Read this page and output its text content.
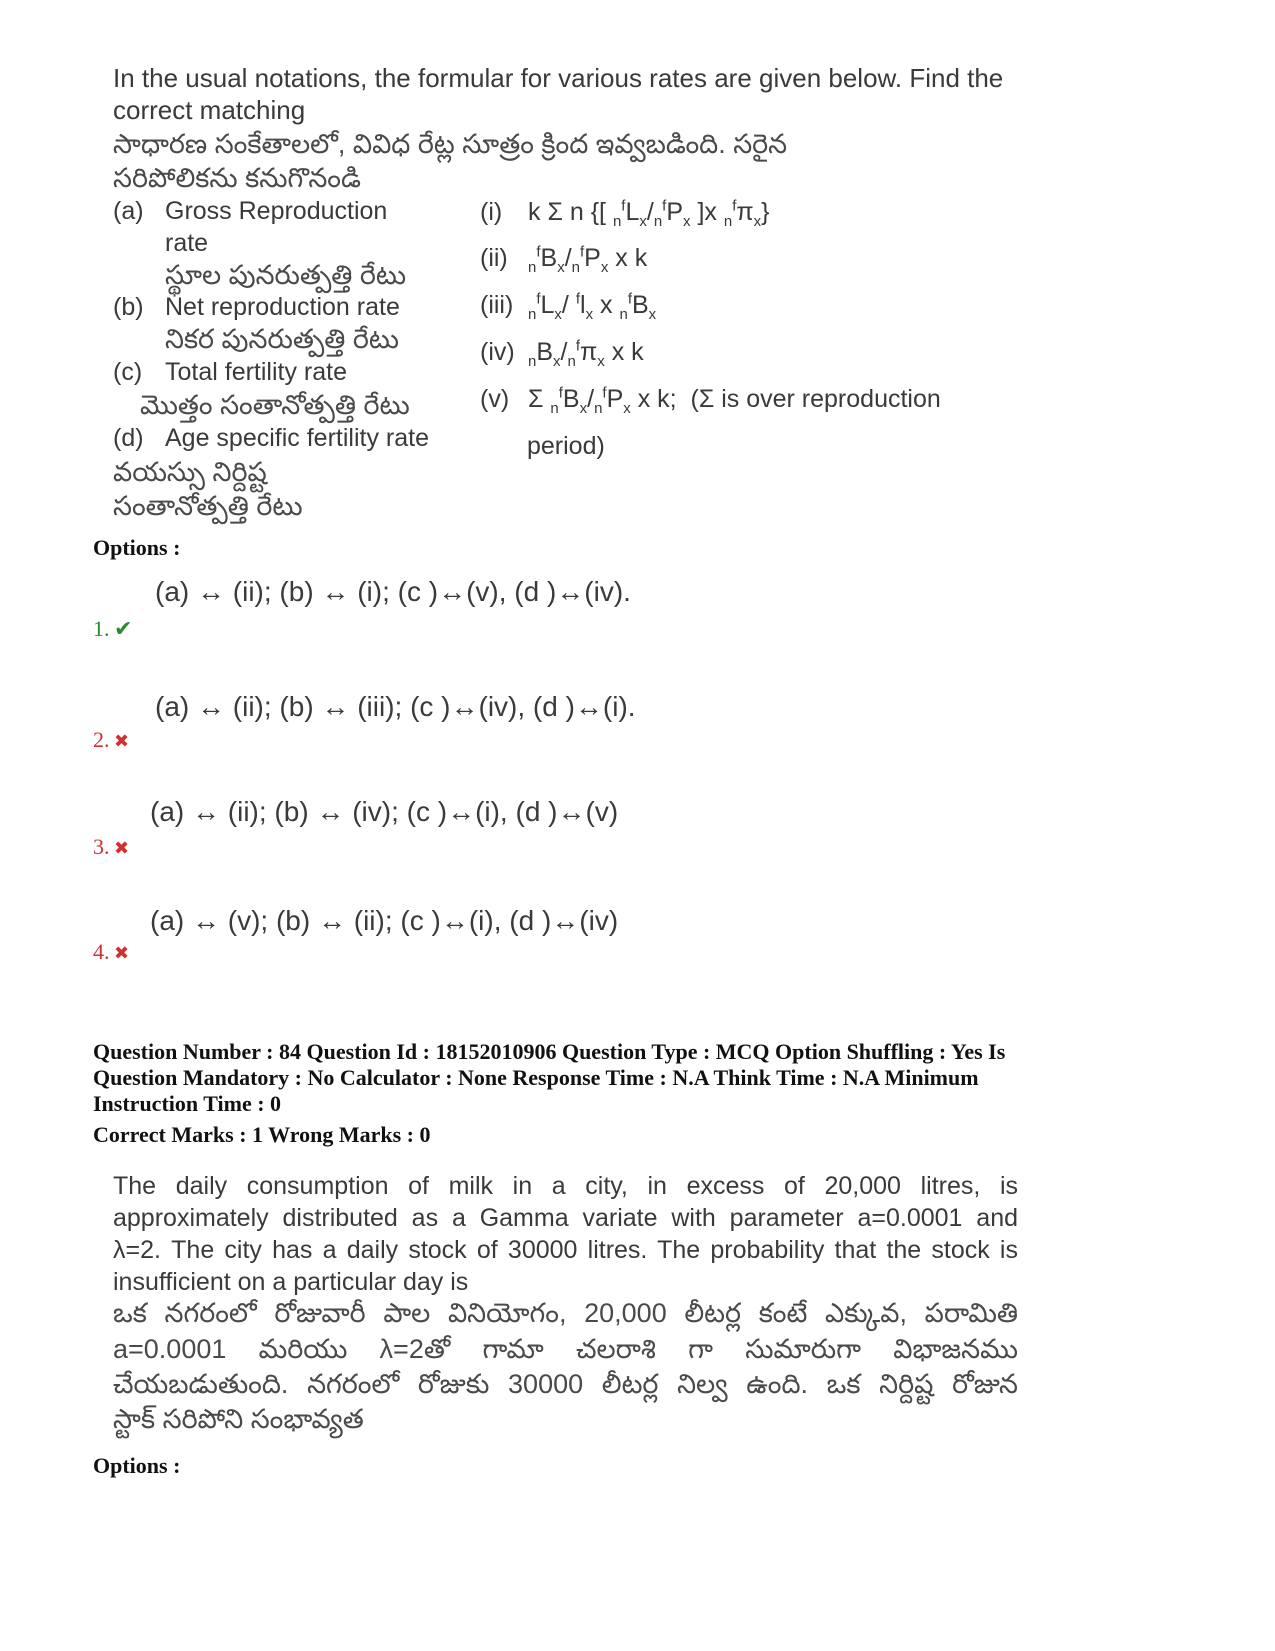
In the usual notations, the formular for various rates are given below. Find the
correct matching
సాధారణ సంకేతాలలో, వివిధ రేట్ల సూత్రం క్రింద ఇవ్వబడింది. సరైన
సరిపోలికను కనుగొనండి
(a) Gross Reproduction
rate
స్థూల పునరుత్పత్తి రేటు
(b) Net reproduction rate
నికర పునరుత్పత్తి రేటు
(c) Total fertility rate
మొత్తం సంతానోత్పత్తి రేటు
(d) Age specific fertility rate
వయస్సు నిర్దిష్ట
సంతానోత్పత్తి రేటు
(i) k Σ n {[ $_n^fL_x/_n^fP_x$ ]x $_n^f\pi_x$}
(ii) $_n^fB_x/_n^fP_x$ x k
(iii) $_n^fL_x/$ $^fl_x$ x $_n^fB_x$
(iv) $_nB_x/_n^f\pi_x$ x k
(v) Σ $_n^fB_x/_n^fP_x$ x k;  (Σ is over reproduction
period)
Options :
(a) ↔ (ii); (b) ↔ (i); (c )↔(v), (d )↔(iv).
1. ✔
(a) ↔ (ii); (b) ↔ (iii); (c )↔(iv), (d )↔(i).
2. ✖
(a) ↔ (ii); (b) ↔ (iv); (c )↔(i), (d )↔(v)
3. ✖
(a) ↔ (v); (b) ↔ (ii); (c )↔(i), (d )↔(iv)
4. ✖
Question Number : 84 Question Id : 18152010906 Question Type : MCQ Option Shuffling : Yes Is
Question Mandatory : No Calculator : None Response Time : N.A Think Time : N.A Minimum
Instruction Time : 0
Correct Marks : 1 Wrong Marks : 0
The daily consumption of milk in a city, in excess of 20,000 litres, is
approximately distributed as a Gamma variate with parameter a=0.0001 and
λ=2. The city has a daily stock of 30000 litres. The probability that the stock is
insufficient on a particular day is
ఒక నగరంలో రోజువారీ పాల వినియోగం, 20,000 లీటర్ల కంటే ఎక్కువ, పరామితి
a=0.0001 మరియు λ=2తో గామా చలరాశి గా సుమారుగా విభాజనము
చేయబడుతుంది. నగరంలో రోజుకు 30000 లీటర్ల నిల్వ ఉంది. ఒక నిర్దిష్ట రోజున
స్టాక్ సరిపోని సంభావ్యత
Options :
